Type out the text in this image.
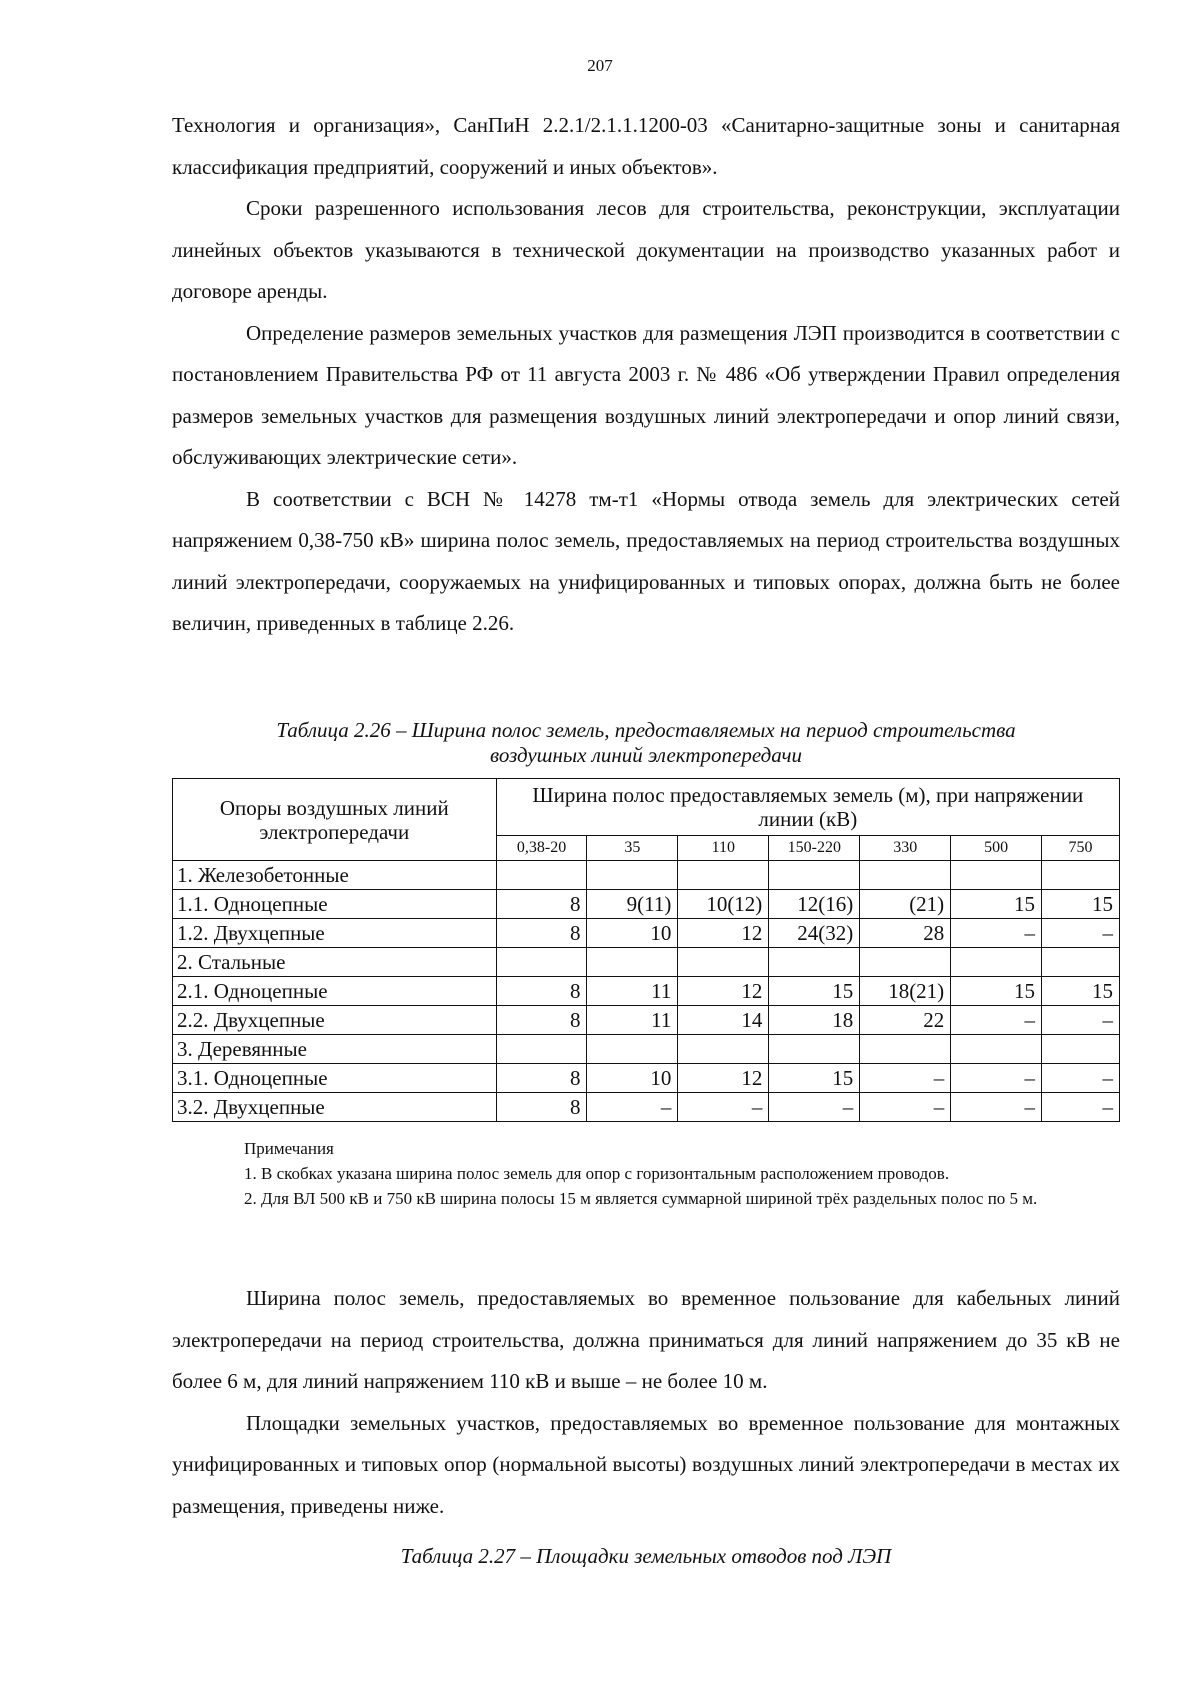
207

Технология и организация», СанПиН 2.2.1/2.1.1.1200-03 «Санитарно-защитные зоны и санитарная классификация предприятий, сооружений и иных объектов».

Сроки разрешенного использования лесов для строительства, реконструкции, эксплуатации линейных объектов указываются в технической документации на производство указанных работ и договоре аренды.

Определение размеров земельных участков для размещения ЛЭП производится в соответствии с постановлением Правительства РФ от 11 августа 2003 г. № 486 «Об утверждении Правил определения размеров земельных участков для размещения воздушных линий электропередачи и опор линий связи, обслуживающих электрические сети».

В соответствии с ВСН № 14278 тм-т1 «Нормы отвода земель для электрических сетей напряжением 0,38-750 кВ» ширина полос земель, предоставляемых на период строительства воздушных линий электропередачи, сооружаемых на унифицированных и типовых опорах, должна быть не более величин, приведенных в таблице 2.26.

Таблица 2.26 – Ширина полос земель, предоставляемых на период строительства
воздушных линий электропередачи
Опоры воздушных линий электропередачи	Ширина полос предоставляемых земель (м), при напряжении линии (кВ)						
	0,38-20	35	110	150-220	330	500	750
1. Железобетонные							
1.1. Одноцепные	8	9(11)	10(12)	12(16)	(21)	15	15
1.2. Двухцепные	8	10	12	24(32)	28	–	–
2. Стальные							
2.1. Одноцепные	8	11	12	15	18(21)	15	15
2.2. Двухцепные	8	11	14	18	22	–	–
3. Деревянные							
3.1. Одноцепные	8	10	12	15	–	–	–
3.2. Двухцепные	8	–	–	–	–	–	–
Примечания
1. В скобках указана ширина полос земель для опор с горизонтальным расположением проводов.
2. Для ВЛ 500 кВ и 750 кВ ширина полосы 15 м является суммарной шириной трёх раздельных полос по 5 м.

Ширина полос земель, предоставляемых во временное пользование для кабельных линий электропередачи на период строительства, должна приниматься для линий напряжением до 35 кВ не более 6 м, для линий напряжением 110 кВ и выше – не более 10 м.

Площадки земельных участков, предоставляемых во временное пользование для монтажных унифицированных и типовых опор (нормальной высоты) воздушных линий электропередачи в местах их размещения, приведены ниже.

Таблица 2.27 – Площадки земельных отводов под ЛЭП
